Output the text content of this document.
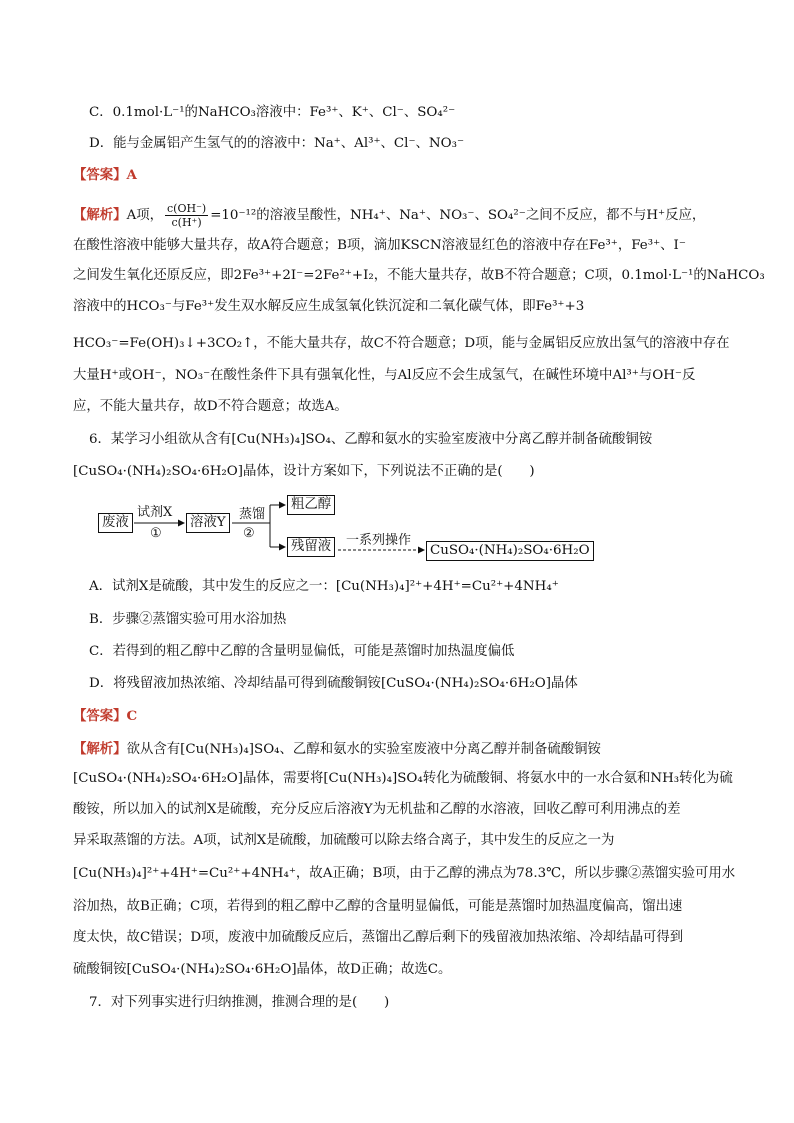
C．0.1mol·L⁻¹的NaHCO₃溶液中：Fe³⁺、K⁺、Cl⁻、SO₄²⁻
D．能与金属铝产生氢气的的溶液中：Na⁺、Al³⁺、Cl⁻、NO₃⁻
【答案】A
【解析】A项， $\frac{c(OH^-)}{c(H^+)} =10^{-12}$的溶液呈酸性，NH₄⁺、Na⁺、NO₃⁻、SO₄²⁻之间不反应，都不与H⁺反应，
在酸性溶液中能够大量共存，故A符合题意；B项，滴加KSCN溶液显红色的溶液中存在Fe³⁺，Fe³⁺、I⁻
之间发生氧化还原反应，即2Fe³⁺+2I⁻=2Fe²⁺+I₂，不能大量共存，故B不符合题意；C项，0.1mol·L⁻¹的NaHCO₃
溶液中的HCO₃⁻与Fe³⁺发生双水解反应生成氢氧化铁沉淀和二氧化碳气体，即Fe³⁺+3
HCO₃⁻=Fe(OH)₃↓+3CO₂↑，不能大量共存，故C不符合题意；D项，能与金属铝反应放出氢气的溶液中存在
大量H⁺或OH⁻，NO₃⁻在酸性条件下具有强氧化性，与Al反应不会生成氢气，在碱性环境中Al³⁺与OH⁻反
应，不能大量共存，故D不符合题意；故选A。
6．某学习小组欲从含有[Cu(NH₃)₄]SO₄、乙醇和氨水的实验室废液中分离乙醇并制备硫酸铜铵
[CuSO₄·(NH₄)₂SO₄·6H₂O]晶体，设计方案如下，下列说法不正确的是(　　)
废液
试剂X
①
溶液Y
蒸馏
②
粗乙醇
残留液	一系列操作
CuSO₄·(NH₄)₂SO₄·6H₂O
A．试剂X是硫酸，其中发生的反应之一：[Cu(NH₃)₄]²⁺+4H⁺=Cu²⁺+4NH₄⁺
B．步骤②蒸馏实验可用水浴加热
C．若得到的粗乙醇中乙醇的含量明显偏低，可能是蒸馏时加热温度偏低
D．将残留液加热浓缩、冷却结晶可得到硫酸铜铵[CuSO₄·(NH₄)₂SO₄·6H₂O]晶体
【答案】C
【解析】欲从含有[Cu(NH₃)₄]SO₄、乙醇和氨水的实验室废液中分离乙醇并制备硫酸铜铵
[CuSO₄·(NH₄)₂SO₄·6H₂O]晶体，需要将[Cu(NH₃)₄]SO₄转化为硫酸铜、将氨水中的一水合氨和NH₃转化为硫
酸铵，所以加入的试剂X是硫酸，充分反应后溶液Y为无机盐和乙醇的水溶液，回收乙醇可利用沸点的差
异采取蒸馏的方法。A项，试剂X是硫酸，加硫酸可以除去络合离子，其中发生的反应之一为
[Cu(NH₃)₄]²⁺+4H⁺=Cu²⁺+4NH₄⁺，故A正确；B项，由于乙醇的沸点为78.3℃，所以步骤②蒸馏实验可用水
浴加热，故B正确；C项，若得到的粗乙醇中乙醇的含量明显偏低，可能是蒸馏时加热温度偏高，馏出速
度太快，故C错误；D项，废液中加硫酸反应后，蒸馏出乙醇后剩下的残留液加热浓缩、冷却结晶可得到
硫酸铜铵[CuSO₄·(NH₄)₂SO₄·6H₂O]晶体，故D正确；故选C。
7．对下列事实进行归纳推测，推测合理的是(　　)
